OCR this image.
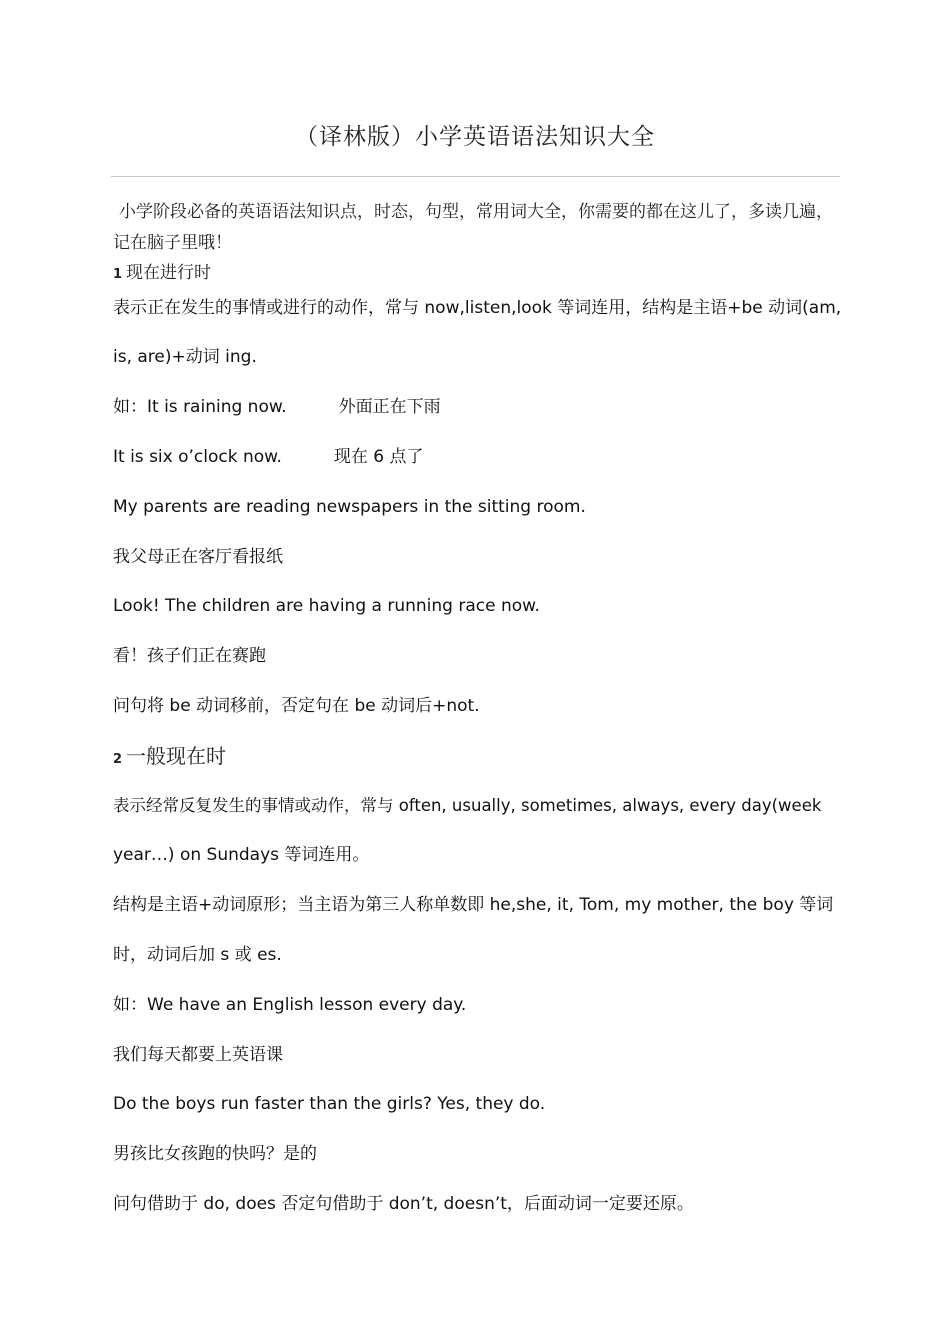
（译林版）小学英语语法知识大全
小学阶段必备的英语语法知识点，时态，句型，常用词大全，你需要的都在这儿了，多读几遍，记在脑子里哦！
1 现在进行时
表示正在发生的事情或进行的动作，常与 now,listen,look 等词连用，结构是主语+be 动词(am,
is, are)+动词 ing.
如：It is raining now.	外面正在下雨
It is six o’clock now.	现在 6 点了
My parents are reading newspapers in the sitting room.
我父母正在客厅看报纸
Look! The children are having a running race now.
看！孩子们正在赛跑
问句将 be 动词移前，否定句在 be 动词后+not.
2 一般现在时
表示经常反复发生的事情或动作，常与 often, usually, sometimes, always, every day(week
year…) on Sundays 等词连用。
结构是主语+动词原形；当主语为第三人称单数即 he,she, it, Tom, my mother, the boy 等词
时，动词后加 s 或 es.
如：We have an English lesson every day.
我们每天都要上英语课
Do the boys run faster than the girls? Yes, they do.
男孩比女孩跑的快吗？是的
问句借助于 do, does 否定句借助于 don’t, doesn’t，后面动词一定要还原。
